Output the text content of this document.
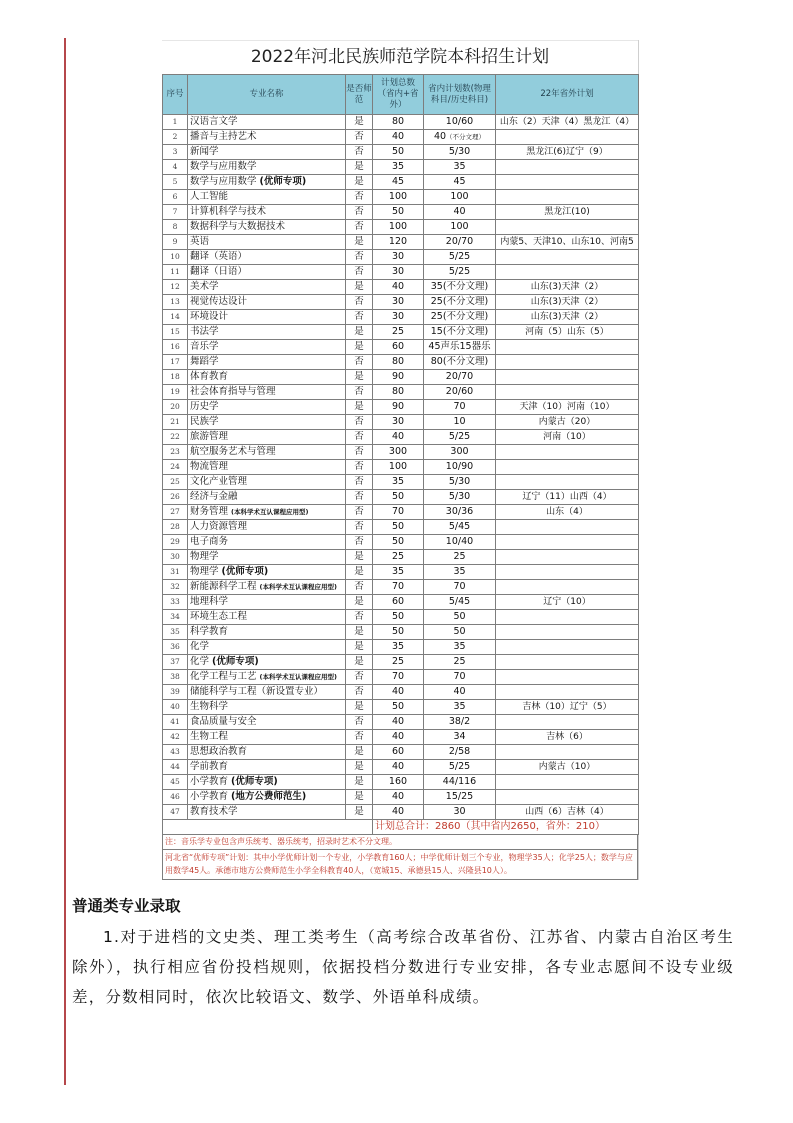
2022年河北民族师范学院本科招生计划
序号	专业名称	是否师范	计划总数（省内+省外）	省内计划数(物理科目/历史科目)	22年省外计划
1	汉语言文学	是	80	10/60	山东（2）天津（4）黑龙江（4）
2	播音与主持艺术	否	40	40（不分文理）	
3	新闻学	否	50	5/30	黑龙江(6)辽宁（9）
4	数学与应用数学	是	35	35	
5	数学与应用数学 (优师专项)	是	45	45	
6	人工智能	否	100	100	
7	计算机科学与技术	否	50	40	黑龙江(10)
8	数据科学与大数据技术	否	100	100	
9	英语	是	120	20/70	内蒙5、天津10、山东10、河南5
10	翻译（英语）	否	30	5/25	
11	翻译（日语）	否	30	5/25	
12	美术学	是	40	35(不分文理)	山东(3)天津（2）
13	视觉传达设计	否	30	25(不分文理)	山东(3)天津（2）
14	环境设计	否	30	25(不分文理)	山东(3)天津（2）
15	书法学	是	25	15(不分文理)	河南（5）山东（5）
16	音乐学	是	60	45声乐15器乐	
17	舞蹈学	否	80	80(不分文理)	
18	体育教育	是	90	20/70	
19	社会体育指导与管理	否	80	20/60	
20	历史学	是	90	70	天津（10）河南（10）
21	民族学	否	30	10	内蒙古（20）
22	旅游管理	否	40	5/25	河南（10）
23	航空服务艺术与管理	否	300	300	
24	物流管理	否	100	10/90	
25	文化产业管理	否	35	5/30	
26	经济与金融	否	50	5/30	辽宁（11）山西（4）
27	财务管理 (本科学术互认课程应用型)	否	70	30/36	山东（4）
28	人力资源管理	否	50	5/45	
29	电子商务	否	50	10/40	
30	物理学	是	25	25	
31	物理学 (优师专项)	是	35	35	
32	新能源科学工程 (本科学术互认课程应用型)	否	70	70	
33	地理科学	是	60	5/45	辽宁（10）
34	环境生态工程	否	50	50	
35	科学教育	是	50	50	
36	化学	是	35	35	
37	化学 (优师专项)	是	25	25	
38	化学工程与工艺 (本科学术互认课程应用型)	否	70	70	
39	储能科学与工程（新设置专业）	否	40	40	
40	生物科学	是	50	35	吉林（10）辽宁（5）
41	食品质量与安全	否	40	38/2	
42	生物工程	否	40	34	吉林（6）
43	思想政治教育	是	60	2/58	
44	学前教育	是	40	5/25	内蒙古（10）
45	小学教育 (优师专项)	是	160	44/116	
46	小学教育 (地方公费师范生)	是	40	15/25	
47	教育技术学	是	40	30	山西（6）吉林（4）
			计划总合计：2860（其中省内2650，省外：210）		
注：音乐学专业包含声乐统考、器乐统考，招录时艺术不分文理。
河北省“优师专项”计划：其中小学优师计划一个专业，小学教育160人；中学优师计划三个专业，物理学35人；化学25人；数学与应用数学45人。承德市地方公费师范生小学全科教育40人，（宽城15、承德县15人、兴隆县10人）。
普通类专业录取

1.对于进档的文史类、理工类考生（高考综合改革省份、江苏省、内蒙古自治区考生除外），执行相应省份投档规则，依据投档分数进行专业安排，各专业志愿间不设专业级差，分数相同时，依次比较语文、数学、外语单科成绩。
